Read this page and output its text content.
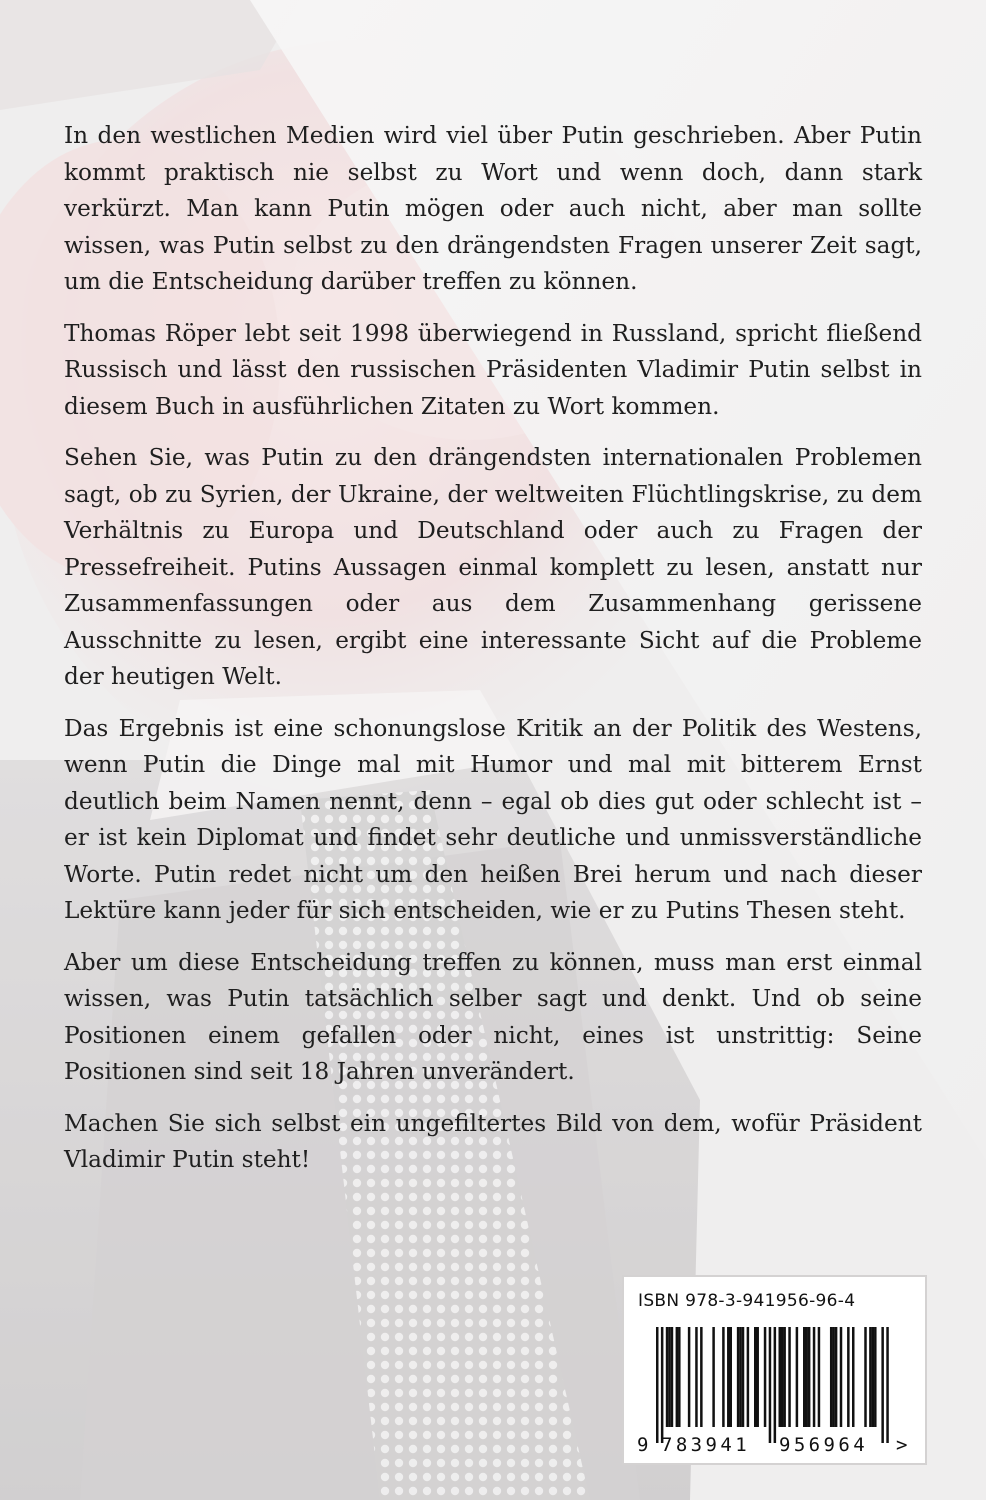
In den westlichen Medien wird viel über Putin geschrieben. Aber Putin kommt praktisch nie selbst zu Wort und wenn doch, dann stark verkürzt. Man kann Putin mögen oder auch nicht, aber man sollte wissen, was Putin selbst zu den drängendsten Fragen unserer Zeit sagt, um die Entscheidung darüber treffen zu können.

Thomas Röper lebt seit 1998 überwiegend in Russland, spricht fließend Russisch und lässt den russischen Präsidenten Vladimir Putin selbst in diesem Buch in ausführlichen Zitaten zu Wort kommen.

Sehen Sie, was Putin zu den drängendsten internationalen Problemen sagt, ob zu Syrien, der Ukraine, der weltweiten Flüchtlingskrise, zu dem Verhältnis zu Europa und Deutschland oder auch zu Fragen der Pressefreiheit. Putins Aussagen einmal komplett zu lesen, anstatt nur Zusammenfassungen oder aus dem Zusammenhang gerissene Ausschnitte zu lesen, ergibt eine interessante Sicht auf die Probleme der heutigen Welt.

Das Ergebnis ist eine schonungslose Kritik an der Politik des Westens, wenn Putin die Dinge mal mit Humor und mal mit bitterem Ernst deutlich beim Namen nennt, denn – egal ob dies gut oder schlecht ist – er ist kein Diplomat und findet sehr deutliche und unmissverständliche Worte. Putin redet nicht um den heißen Brei herum und nach dieser Lektüre kann jeder für sich entscheiden, wie er zu Putins Thesen steht.

Aber um diese Entscheidung treffen zu können, muss man erst einmal wissen, was Putin tatsächlich selber sagt und denkt. Und ob seine Positionen einem gefallen oder nicht, eines ist unstrittig: Seine Positionen sind seit 18 Jahren unverändert.

Machen Sie sich selbst ein ungefiltertes Bild von dem, wofür Präsident Vladimir Putin steht!

ISBN 978-3-941956-96-4
9 783941 956964 >
